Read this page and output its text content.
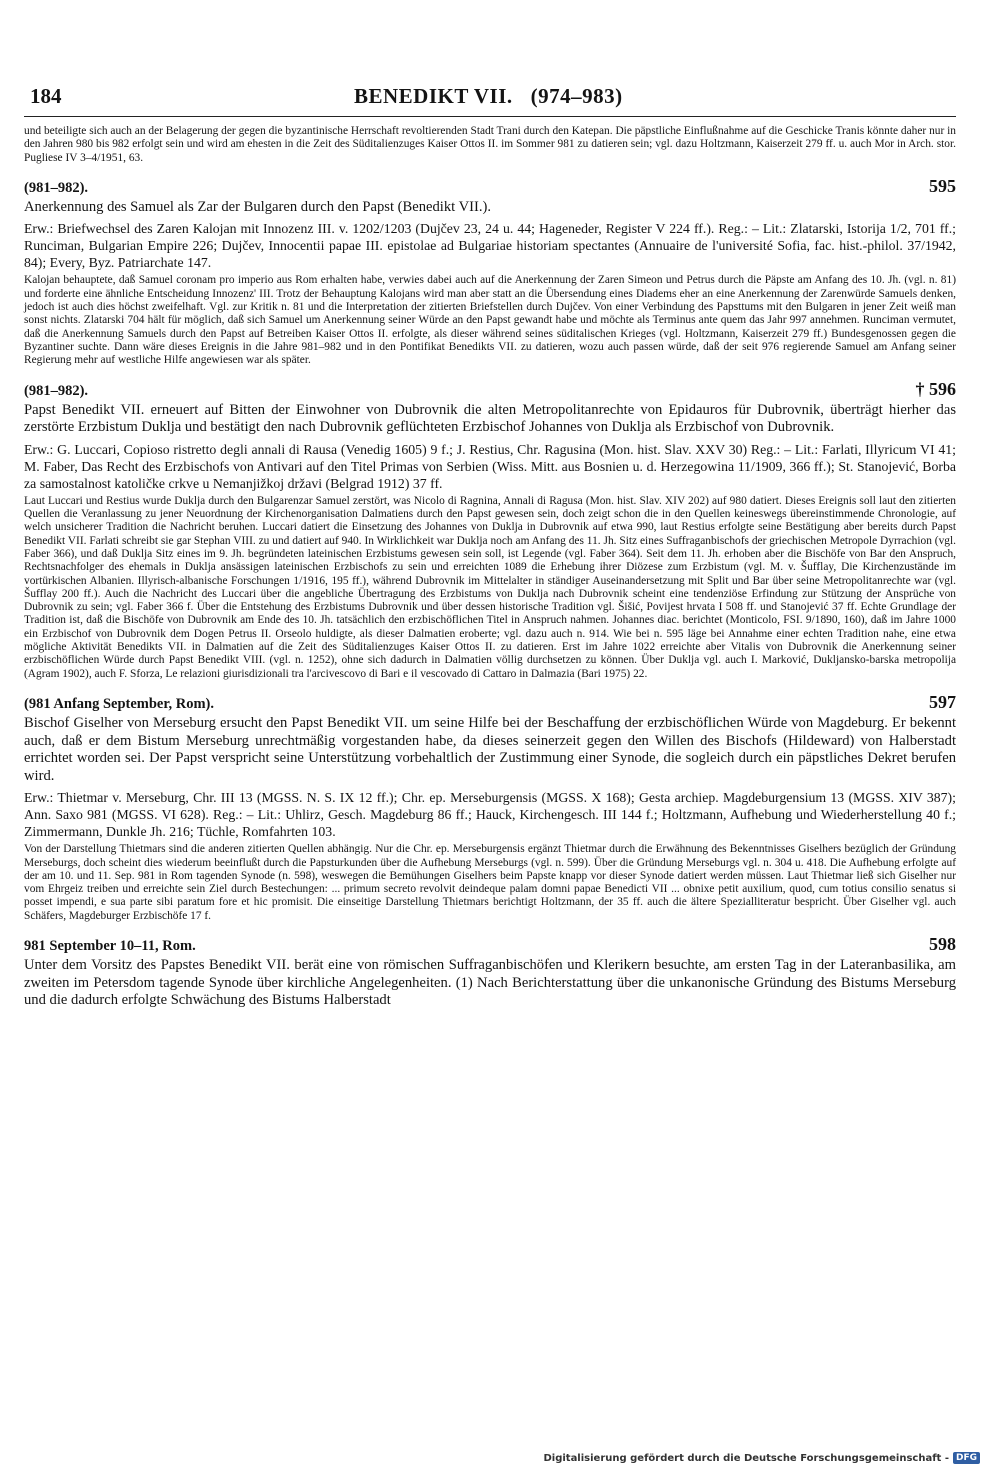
184	BENEDIKT VII. (974–983)

und beteiligte sich auch an der Belagerung der gegen die byzantinische Herrschaft revoltierenden Stadt Trani durch den Katepan. Die päpstliche Einflußnahme auf die Geschicke Tranis könnte daher nur in den Jahren 980 bis 982 erfolgt sein und wird am ehesten in die Zeit des Süditalienzuges Kaiser Ottos II. im Sommer 981 zu datieren sein; vgl. dazu Holtzmann, Kaiserzeit 279 ff. u. auch Mor in Arch. stor. Pugliese IV 3–4/1951, 63.

(981–982).	595

Anerkennung des Samuel als Zar der Bulgaren durch den Papst (Benedikt VII.).

Erw.: Briefwechsel des Zaren Kalojan mit Innozenz III. v. 1202/1203 (Dujčev 23, 24 u. 44; Hageneder, Register V 224 ff.). Reg.: – Lit.: Zlatarski, Istorija 1/2, 701 ff.; Runciman, Bulgarian Empire 226; Dujčev, Innocentii papae III. epistolae ad Bulgariae historiam spectantes (Annuaire de l'université Sofia, fac. hist.-philol. 37/1942, 84); Every, Byz. Patriarchate 147.

Kalojan behauptete, daß Samuel coronam pro imperio aus Rom erhalten habe, verwies dabei auch auf die Anerkennung der Zaren Simeon und Petrus durch die Päpste am Anfang des 10. Jh. (vgl. n. 81) und forderte eine ähnliche Entscheidung Innozenz' III. Trotz der Behauptung Kalojans wird man aber statt an die Übersendung eines Diadems eher an eine Anerkennung der Zarenwürde Samuels denken, jedoch ist auch dies höchst zweifelhaft. Vgl. zur Kritik n. 81 und die Interpretation der zitierten Briefstellen durch Dujčev. Von einer Verbindung des Papsttums mit den Bulgaren in jener Zeit weiß man sonst nichts. Zlatarski 704 hält für möglich, daß sich Samuel um Anerkennung seiner Würde an den Papst gewandt habe und möchte als Terminus ante quem das Jahr 997 annehmen. Runciman vermutet, daß die Anerkennung Samuels durch den Papst auf Betreiben Kaiser Ottos II. erfolgte, als dieser während seines süditalischen Krieges (vgl. Holtzmann, Kaiserzeit 279 ff.) Bundesgenossen gegen die Byzantiner suchte. Dann wäre dieses Ereignis in die Jahre 981–982 und in den Pontifikat Benedikts VII. zu datieren, wozu auch passen würde, daß der seit 976 regierende Samuel am Anfang seiner Regierung mehr auf westliche Hilfe angewiesen war als später.

(981–982).	† 596

Papst Benedikt VII. erneuert auf Bitten der Einwohner von Dubrovnik die alten Metropolitanrechte von Epidauros für Dubrovnik, überträgt hierher das zerstörte Erzbistum Duklja und bestätigt den nach Dubrovnik geflüchteten Erzbischof Johannes von Duklja als Erzbischof von Dubrovnik.

Erw.: G. Luccari, Copioso ristretto degli annali di Rausa (Venedig 1605) 9 f.; J. Restius, Chr. Ragusina (Mon. hist. Slav. XXV 30) Reg.: – Lit.: Farlati, Illyricum VI 41; M. Faber, Das Recht des Erzbischofs von Antivari auf den Titel Primas von Serbien (Wiss. Mitt. aus Bosnien u. d. Herzegowina 11/1909, 366 ff.); St. Stanojević, Borba za samostalnost katoličke crkve u Nemanjižkoj državi (Belgrad 1912) 37 ff.

Laut Luccari und Restius wurde Duklja durch den Bulgarenzar Samuel zerstört, was Nicolo di Ragnina, Annali di Ragusa (Mon. hist. Slav. XIV 202) auf 980 datiert. Dieses Ereignis soll laut den zitierten Quellen die Veranlassung zu jener Neuordnung der Kirchenorganisation Dalmatiens durch den Papst gewesen sein, doch zeigt schon die in den Quellen keineswegs übereinstimmende Chronologie, auf welch unsicherer Tradition die Nachricht beruhen. Luccari datiert die Einsetzung des Johannes von Duklja in Dubrovnik auf etwa 990, laut Restius erfolgte seine Bestätigung aber bereits durch Papst Benedikt VII. Farlati schreibt sie gar Stephan VIII. zu und datiert auf 940. In Wirklichkeit war Duklja noch am Anfang des 11. Jh. Sitz eines Suffraganbischofs der griechischen Metropole Dyrrachion (vgl. Faber 366), und daß Duklja Sitz eines im 9. Jh. begründeten lateinischen Erzbistums gewesen sein soll, ist Legende (vgl. Faber 364). Seit dem 11. Jh. erhoben aber die Bischöfe von Bar den Anspruch, Rechtsnachfolger des ehemals in Duklja ansässigen lateinischen Erzbischofs zu sein und erreichten 1089 die Erhebung ihrer Diözese zum Erzbistum (vgl. M. v. Šufflay, Die Kirchenzustände im vortürkischen Albanien. Illyrisch-albanische Forschungen 1/1916, 195 ff.), während Dubrovnik im Mittelalter in ständiger Auseinandersetzung mit Split und Bar über seine Metropolitanrechte war (vgl. Šufflay 200 ff.). Auch die Nachricht des Luccari über die angebliche Übertragung des Erzbistums von Duklja nach Dubrovnik scheint eine tendenziöse Erfindung zur Stützung der Ansprüche von Dubrovnik zu sein; vgl. Faber 366 f. Über die Entstehung des Erzbistums Dubrovnik und über dessen historische Tradition vgl. Šišić, Povijest hrvata I 508 ff. und Stanojević 37 ff. Echte Grundlage der Tradition ist, daß die Bischöfe von Dubrovnik am Ende des 10. Jh. tatsächlich den erzbischöflichen Titel in Anspruch nahmen. Johannes diac. berichtet (Monticolo, FSI. 9/1890, 160), daß im Jahre 1000 ein Erzbischof von Dubrovnik dem Dogen Petrus II. Orseolo huldigte, als dieser Dalmatien eroberte; vgl. dazu auch n. 914. Wie bei n. 595 läge bei Annahme einer echten Tradition nahe, eine etwa mögliche Aktivität Benedikts VII. in Dalmatien auf die Zeit des Süditalienzuges Kaiser Ottos II. zu datieren. Erst im Jahre 1022 erreichte aber Vitalis von Dubrovnik die Anerkennung seiner erzbischöflichen Würde durch Papst Benedikt VIII. (vgl. n. 1252), ohne sich dadurch in Dalmatien völlig durchsetzen zu können. Über Duklja vgl. auch I. Marković, Dukljansko-barska metropolija (Agram 1902), auch F. Sforza, Le relazioni giurisdizionali tra l'arcivescovo di Bari e il vescovado di Cattaro in Dalmazia (Bari 1975) 22.

(981 Anfang September, Rom).	597

Bischof Giselher von Merseburg ersucht den Papst Benedikt VII. um seine Hilfe bei der Beschaffung der erzbischöflichen Würde von Magdeburg. Er bekennt auch, daß er dem Bistum Merseburg unrechtmäßig vorgestanden habe, da dieses seinerzeit gegen den Willen des Bischofs (Hildeward) von Halberstadt errichtet worden sei. Der Papst verspricht seine Unterstützung vorbehaltlich der Zustimmung einer Synode, die sogleich durch ein päpstliches Dekret berufen wird.

Erw.: Thietmar v. Merseburg, Chr. III 13 (MGSS. N. S. IX 12 ff.); Chr. ep. Merseburgensis (MGSS. X 168); Gesta archiep. Magdeburgensium 13 (MGSS. XIV 387); Ann. Saxo 981 (MGSS. VI 628). Reg.: – Lit.: Uhlirz, Gesch. Magdeburg 86 ff.; Hauck, Kirchengesch. III 144 f.; Holtzmann, Aufhebung und Wiederherstellung 40 f.; Zimmermann, Dunkle Jh. 216; Tüchle, Romfahrten 103.

Von der Darstellung Thietmars sind die anderen zitierten Quellen abhängig. Nur die Chr. ep. Merseburgensis ergänzt Thietmar durch die Erwähnung des Bekenntnisses Giselhers bezüglich der Gründung Merseburgs, doch scheint dies wiederum beeinflußt durch die Papsturkunden über die Aufhebung Merseburgs (vgl. n. 599). Über die Gründung Merseburgs vgl. n. 304 u. 418. Die Aufhebung erfolgte auf der am 10. und 11. Sep. 981 in Rom tagenden Synode (n. 598), weswegen die Bemühungen Giselhers beim Papste knapp vor dieser Synode datiert werden müssen. Laut Thietmar ließ sich Giselher nur vom Ehrgeiz treiben und erreichte sein Ziel durch Bestechungen: ... primum secreto revolvit deindeque palam domni papae Benedicti VII ... obnixe petit auxilium, quod, cum totius consilio senatus si posset impendi, e sua parte sibi paratum fore et hic promisit. Die einseitige Darstellung Thietmars berichtigt Holtzmann, der 35 ff. auch die ältere Spezialliteratur bespricht. Über Giselher vgl. auch Schäfers, Magdeburger Erzbischöfe 17 f.

981 September 10–11, Rom.	598

Unter dem Vorsitz des Papstes Benedikt VII. berät eine von römischen Suffraganbischöfen und Klerikern besuchte, am ersten Tag in der Lateranbasilika, am zweiten im Petersdom tagende Synode über kirchliche Angelegenheiten. (1) Nach Berichterstattung über die unkanonische Gründung des Bistums Merseburg und die dadurch erfolgte Schwächung des Bistums Halberstadt

Digitalisierung gefördert durch die Deutsche Forschungsgemeinschaft - DFG
